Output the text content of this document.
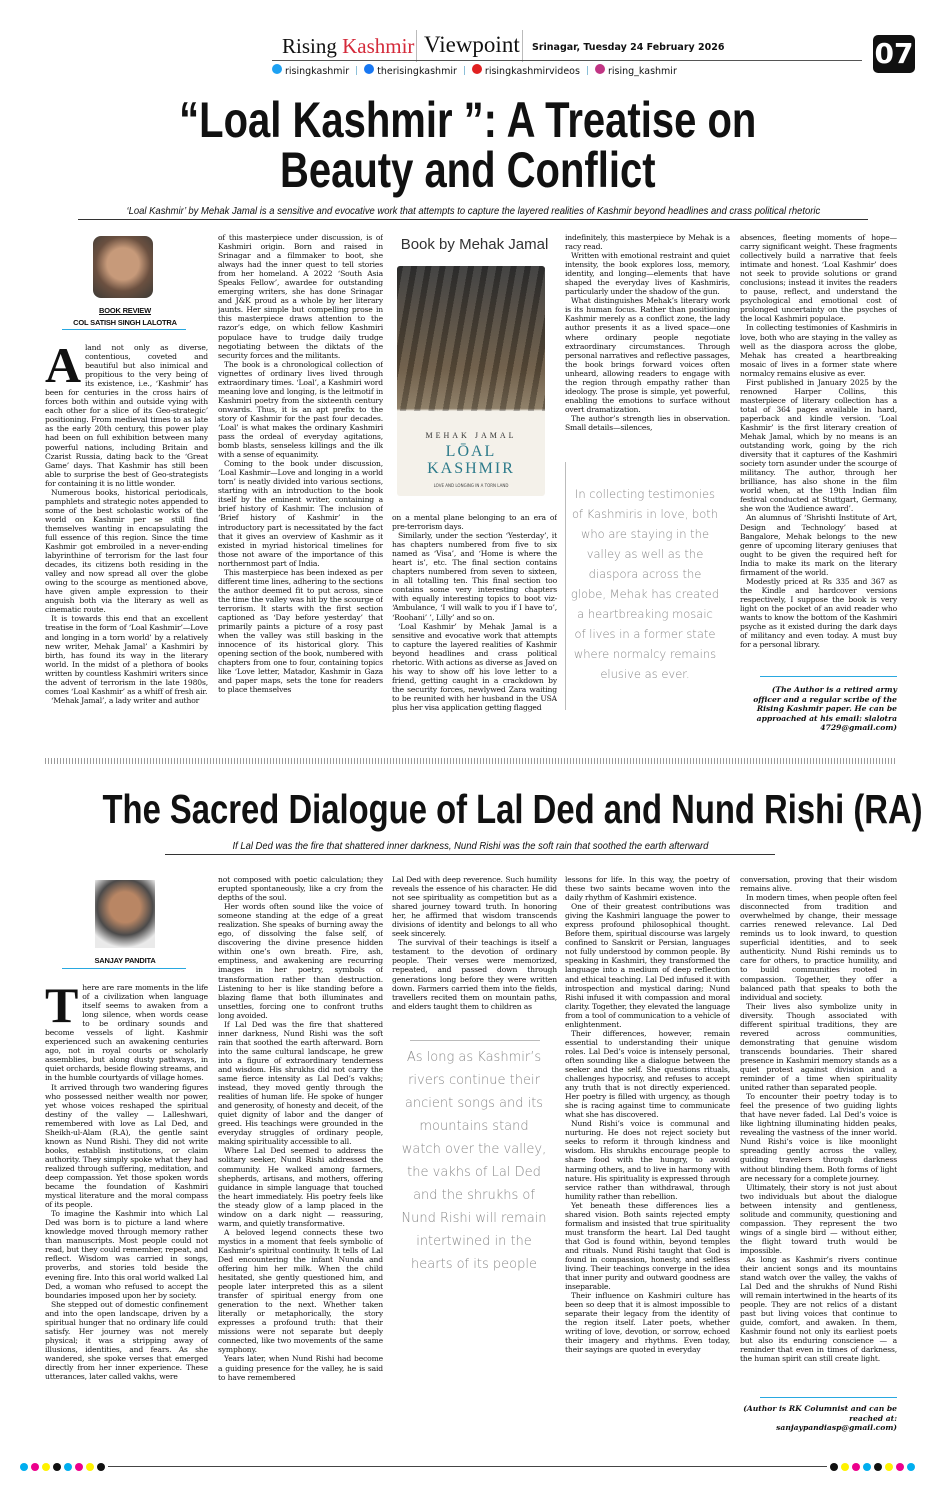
Rising Kashmir Viewpoint Srinagar, Tuesday 24 February 2026
risingkashmir |	therisingkashmir |	risingkashmirvideos |	rising_kashmir
07
“Loal Kashmir ”: A Treatise on
Beauty and Conflict
‘Loal Kashmir’ by Mehak Jamal is a sensitive and evocative work that attempts to capture the layered realities of Kashmir beyond headlines and crass political rhetoric
BOOK REVIEW
COL SATISH SINGH LALOTRA

Aland not only as diverse, contentious, coveted and beautiful but also inimical and propitious to the very being of its existence, i.e., ‘Kashmir’ has been for centuries in the cross hairs of forces both within and outside vying with each other for a slice of its Geo-strategic’ positioning. From medieval times to as late as the early 20th century, this power play had been on full exhibition between many powerful nations, including Britain and Czarist Russia, dating back to the ‘Great Game’ days. That Kashmir has still been able to surprise the best of Geo-strategists for containing it is no little wonder.

Numerous books, historical periodicals, pamphlets and strategic notes appended to some of the best scholastic works of the world on Kashmir per se still find themselves wanting in encapsulating the full essence of this region. Since the time Kashmir got embroiled in a never-ending labyrinthine of terrorism for the last four decades, its citizens both residing in the valley and now spread all over the globe owing to the scourge as mentioned above, have given ample expression to their anguish both via the literary as well as cinematic route.

It is towards this end that an excellent treatise in the form of ‘Loal Kashmir’—Love and longing in a torn world’ by a relatively new writer, Mehak Jamal’ a Kashmiri by birth, has found its way in the literary world. In the midst of a plethora of books written by countless Kashmiri writers since the advent of terrorism in the late 1980s, comes ‘Loal Kashmir’ as a whiff of fresh air.

‘Mehak Jamal’, a lady writer and author

of this masterpiece under discussion, is of Kashmiri origin. Born and raised in Srinagar and a filmmaker to boot, she always had the inner quest to tell stories from her homeland. A 2022 ‘South Asia Speaks Fellow’, awardee for outstanding emerging writers, she has done Srinagar and J&K proud as a whole by her literary jaunts. Her simple but compelling prose in this masterpiece draws attention to the razor’s edge, on which fellow Kashmiri populace have to trudge daily trudge negotiating between the diktats of the security forces and the militants.

The book is a chronological collection of vignettes of ordinary lives lived through extraordinary times. ‘Loal’, a Kashmiri word meaning love and longing, is the leitmotif in Kashmiri poetry from the sixteenth century onwards. Thus, it is an apt prefix to the story of Kashmir for the past four decades. ‘Loal’ is what makes the ordinary Kashmiri pass the ordeal of everyday agitations, bomb blasts, senseless killings and the ilk with a sense of equanimity.

Coming to the book under discussion, ‘Loal Kashmir—Love and longing in a world torn’ is neatly divided into various sections, starting with an introduction to the book itself by the eminent writer, containing a brief history of Kashmir. The inclusion of ‘Brief history of Kashmir’ in the introductory part is necessitated by the fact that it gives an overview of Kashmir as it existed in myriad historical timelines for those not aware of the importance of this northernmost part of India.

This masterpiece has been indexed as per different time lines, adhering to the sections the author deemed fit to put across, since the time the valley was hit by the scourge of terrorism. It starts with the first section captioned as ‘Day before yesterday’ that primarily paints a picture of a rosy past when the valley was still basking in the innocence of its historical glory. This opening section of the book, numbered with chapters from one to four, containing topics like ‘Love letter, Matador, Kashmir in Gaza and paper maps, sets the tone for readers to place themselves

Book by Mehak Jamal
MEHAK JAMAL
LŌAL
KASHMIR
LOVE AND LONGING IN A TORN LAND

on a mental plane belonging to an era of pre-terrorism days.

Similarly, under the section ‘Yesterday’, it has chapters numbered from five to six named as ‘Visa’, and ‘Home is where the heart is’, etc. The final section contains chapters numbered from seven to sixteen, in all totalling ten. This final section too contains some very interesting chapters with equally interesting topics to boot viz- ‘Ambulance, ‘I will walk to you if I have to’, ‘Roohani’ ’, Lilly’ and so on.

‘Loal Kashmir’ by Mehak Jamal is a sensitive and evocative work that attempts to capture the layered realities of Kashmir beyond headlines and crass political rhetoric. With actions as diverse as Javed on his way to show off his love letter to a friend, getting caught in a crackdown by the security forces, newlywed Zara waiting to be reunited with her husband in the USA plus her visa application getting flagged

indefinitely, this masterpiece by Mehak is a racy read.

Written with emotional restraint and quiet intensity, the book explores loss, memory, identity, and longing—elements that have shaped the everyday lives of Kashmiris, particularly under the shadow of the gun.

What distinguishes Mehak’s literary work is its human focus. Rather than positioning Kashmir merely as a conflict zone, the lady author presents it as a lived space—one where ordinary people negotiate extraordinary circumstances. Through personal narratives and reflective passages, the book brings forward voices often unheard, allowing readers to engage with the region through empathy rather than ideology. The prose is simple, yet powerful, enabling the emotions to surface without overt dramatization.

The author’s strength lies in observation. Small details—silences,

In collecting testimonies of Kashmiris in love, both who are staying in the valley as well as the diaspora across the globe, Mehak has created a heartbreaking mosaic of lives in a former state where normalcy remains elusive as ever.

absences, fleeting moments of hope—carry significant weight. These fragments collectively build a narrative that feels intimate and honest. ‘Loal Kashmir’ does not seek to provide solutions or grand conclusions; instead it invites the readers to pause, reflect, and understand the psychological and emotional cost of prolonged uncertainty on the psyches of the local Kashmiri populace.

In collecting testimonies of Kashmiris in love, both who are staying in the valley as well as the diaspora across the globe, Mehak has created a heartbreaking mosaic of lives in a former state where normalcy remains elusive as ever.

First published in January 2025 by the renowned Harper Collins, this masterpiece of literary collection has a total of 364 pages available in hard, paperback and kindle version. ‘Loal Kashmir’ is the first literary creation of Mehak Jamal, which by no means is an outstanding work, going by the rich diversity that it captures of the Kashmiri society torn asunder under the scourge of militancy. The author, through her brilliance, has also shone in the film world when, at the 19th Indian film festival conducted at Stuttgart, Germany, she won the ‘Audience award’.

An alumnus of ‘Shrishti Institute of Art, Design and Technology’ based at Bangalore, Mehak belongs to the new genre of upcoming literary geniuses that ought to be given the required heft for India to make its mark on the literary firmament of the world.

Modestly priced at Rs 335 and 367 as the Kindle and hardcover versions respectively, I suppose the book is very light on the pocket of an avid reader who wants to know the bottom of the Kashmiri psyche as it existed during the dark days of militancy and even today. A must buy for a personal library.

(The Author is a retired army officer and a regular scribe of the Rising Kashmir paper. He can be approached at his email: slalotra 4729@gmail.com)
The Sacred Dialogue of Lal Ded and Nund Rishi (RA)
If Lal Ded was the fire that shattered inner darkness, Nund Rishi was the soft rain that soothed the earth afterward
SANJAY PANDITA

There are rare moments in the life of a civilization when language itself seems to awaken from a long silence, when words cease to be ordinary sounds and become vessels of light. Kashmir experienced such an awakening centuries ago, not in royal courts or scholarly assemblies, but along dusty pathways, in quiet orchards, beside flowing streams, and in the humble courtyards of village homes.

It arrived through two wandering figures who possessed neither wealth nor power, yet whose voices reshaped the spiritual destiny of the valley — Lalleshwari, remembered with love as Lal Ded, and Sheikh-ul-Alam (R.A), the gentle saint known as Nund Rishi. They did not write books, establish institutions, or claim authority. They simply spoke what they had realized through suffering, meditation, and deep compassion. Yet those spoken words became the foundation of Kashmiri mystical literature and the moral compass of its people.

To imagine the Kashmir into which Lal Ded was born is to picture a land where knowledge moved through memory rather than manuscripts. Most people could not read, but they could remember, repeat, and reflect. Wisdom was carried in songs, proverbs, and stories told beside the evening fire. Into this oral world walked Lal Ded, a woman who refused to accept the boundaries imposed upon her by society.

She stepped out of domestic confinement and into the open landscape, driven by a spiritual hunger that no ordinary life could satisfy. Her journey was not merely physical; it was a stripping away of illusions, identities, and fears. As she wandered, she spoke verses that emerged directly from her inner experience. These utterances, later called vakhs, were

not composed with poetic calculation; they erupted spontaneously, like a cry from the depths of the soul.

Her words often sound like the voice of someone standing at the edge of a great realization. She speaks of burning away the ego, of dissolving the false self, of discovering the divine presence hidden within one’s own breath. Fire, ash, emptiness, and awakening are recurring images in her poetry, symbols of transformation rather than destruction. Listening to her is like standing before a blazing flame that both illuminates and unsettles, forcing one to confront truths long avoided.

If Lal Ded was the fire that shattered inner darkness, Nund Rishi was the soft rain that soothed the earth afterward. Born into the same cultural landscape, he grew into a figure of extraordinary tenderness and wisdom. His shrukhs did not carry the same fierce intensity as Lal Ded’s vakhs; instead, they moved gently through the realities of human life. He spoke of hunger and generosity, of honesty and deceit, of the quiet dignity of labor and the danger of greed. His teachings were grounded in the everyday struggles of ordinary people, making spirituality accessible to all.

Where Lal Ded seemed to address the solitary seeker, Nund Rishi addressed the community. He walked among farmers, shepherds, artisans, and mothers, offering guidance in simple language that touched the heart immediately. His poetry feels like the steady glow of a lamp placed in the window on a dark night — reassuring, warm, and quietly transformative.

A beloved legend connects these two mystics in a moment that feels symbolic of Kashmir’s spiritual continuity. It tells of Lal Ded encountering the infant Nunda and offering him her milk. When the child hesitated, she gently questioned him, and people later interpreted this as a silent transfer of spiritual energy from one generation to the next. Whether taken literally or metaphorically, the story expresses a profound truth: that their missions were not separate but deeply connected, like two movements of the same symphony.

Years later, when Nund Rishi had become a guiding presence for the valley, he is said to have remembered

Lal Ded with deep reverence. Such humility reveals the essence of his character. He did not see spirituality as competition but as a shared journey toward truth. In honoring her, he affirmed that wisdom transcends divisions of identity and belongs to all who seek sincerely.

The survival of their teachings is itself a testament to the devotion of ordinary people. Their verses were memorized, repeated, and passed down through generations long before they were written down. Farmers carried them into the fields, travellers recited them on mountain paths, and elders taught them to children as

As long as Kashmir’s rivers continue their ancient songs and its mountains stand watch over the valley, the vakhs of Lal Ded and the shrukhs of Nund Rishi will remain intertwined in the hearts of its people

lessons for life. In this way, the poetry of these two saints became woven into the daily rhythm of Kashmiri existence.

One of their greatest contributions was giving the Kashmiri language the power to express profound philosophical thought. Before them, spiritual discourse was largely confined to Sanskrit or Persian, languages not fully understood by common people. By speaking in Kashmiri, they transformed the language into a medium of deep reflection and ethical teaching. Lal Ded infused it with introspection and mystical daring; Nund Rishi infused it with compassion and moral clarity. Together, they elevated the language from a tool of communication to a vehicle of enlightenment.

Their differences, however, remain essential to understanding their unique roles. Lal Ded’s voice is intensely personal, often sounding like a dialogue between the seeker and the self. She questions rituals, challenges hypocrisy, and refuses to accept any truth that is not directly experienced. Her poetry is filled with urgency, as though she is racing against time to communicate what she has discovered.

Nund Rishi’s voice is communal and nurturing. He does not reject society but seeks to reform it through kindness and wisdom. His shrukhs encourage people to share food with the hungry, to avoid harming others, and to live in harmony with nature. His spirituality is expressed through service rather than withdrawal, through humility rather than rebellion.

Yet beneath these differences lies a shared vision. Both saints rejected empty formalism and insisted that true spirituality must transform the heart. Lal Ded taught that God is found within, beyond temples and rituals. Nund Rishi taught that God is found in compassion, honesty, and selfless living. Their teachings converge in the idea that inner purity and outward goodness are inseparable.

Their influence on Kashmiri culture has been so deep that it is almost impossible to separate their legacy from the identity of the region itself. Later poets, whether writing of love, devotion, or sorrow, echoed their imagery and rhythms. Even today, their sayings are quoted in everyday

conversation, proving that their wisdom remains alive.

In modern times, when people often feel disconnected from tradition and overwhelmed by change, their message carries renewed relevance. Lal Ded reminds us to look inward, to question superficial identities, and to seek authenticity. Nund Rishi reminds us to care for others, to practice humility, and to build communities rooted in compassion. Together, they offer a balanced path that speaks to both the individual and society.

Their lives also symbolize unity in diversity. Though associated with different spiritual traditions, they are revered across communities, demonstrating that genuine wisdom transcends boundaries. Their shared presence in Kashmiri memory stands as a quiet protest against division and a reminder of a time when spirituality united rather than separated people.

To encounter their poetry today is to feel the presence of two guiding lights that have never faded. Lal Ded’s voice is like lightning illuminating hidden peaks, revealing the vastness of the inner world. Nund Rishi’s voice is like moonlight spreading gently across the valley, guiding travelers through darkness without blinding them. Both forms of light are necessary for a complete journey.

Ultimately, their story is not just about two individuals but about the dialogue between intensity and gentleness, solitude and community, questioning and compassion. They represent the two wings of a single bird — without either, the flight toward truth would be impossible.

As long as Kashmir’s rivers continue their ancient songs and its mountains stand watch over the valley, the vakhs of Lal Ded and the shrukhs of Nund Rishi will remain intertwined in the hearts of its people. They are not relics of a distant past but living voices that continue to guide, comfort, and awaken. In them, Kashmir found not only its earliest poets but also its enduring conscience — a reminder that even in times of darkness, the human spirit can still create light.

(Author is RK Columnist and can be reached at: sanjaypandiasp@gmail.com)
